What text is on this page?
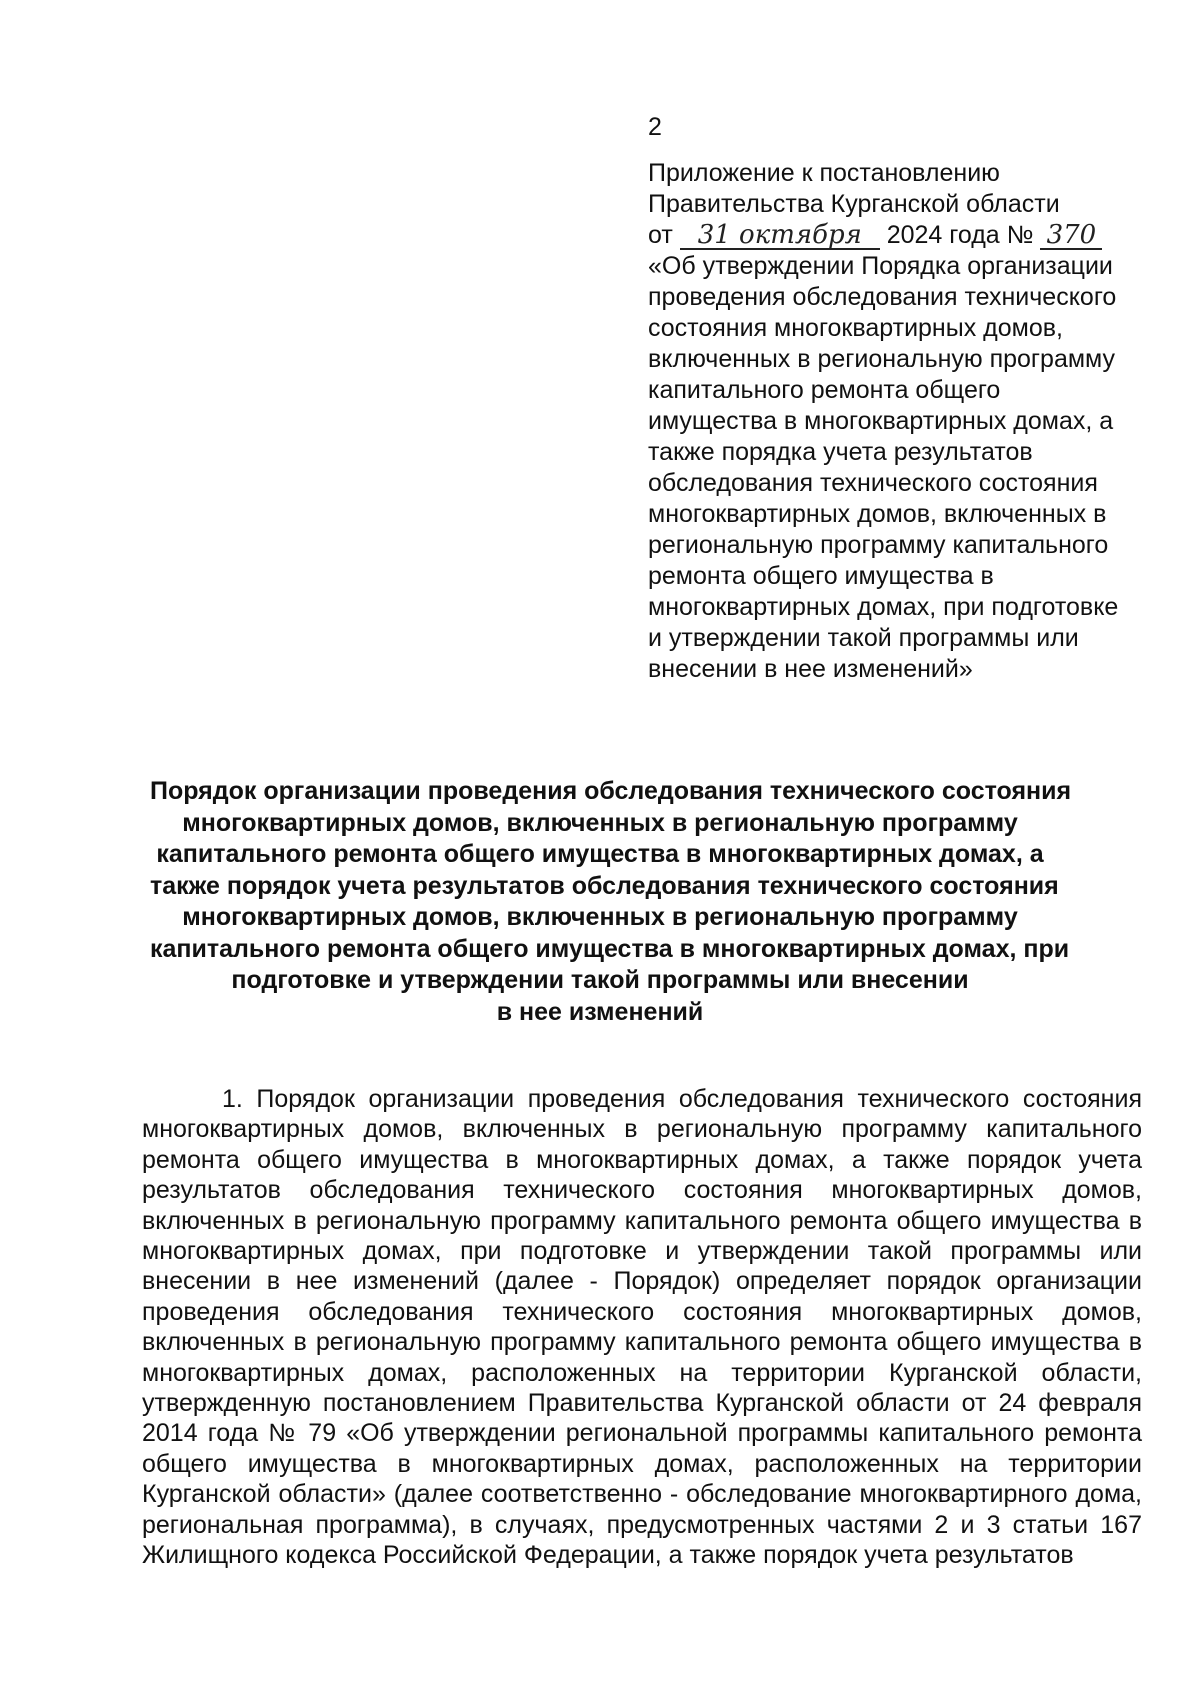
2
Приложение к постановлению
Правительства Курганской области
от 31 октября 2024 года № 370
«Об утверждении Порядка организации
проведения обследования технического
состояния многоквартирных домов,
включенных в региональную программу
капитального ремонта общего
имущества в многоквартирных домах, а
также порядка учета результатов
обследования технического состояния
многоквартирных домов, включенных в
региональную программу капитального
ремонта общего имущества в
многоквартирных домах, при подготовке
и утверждении такой программы или
внесении в нее изменений»
Порядок организации проведения обследования технического состояния
многоквартирных домов, включенных в региональную программу
капитального ремонта общего имущества в многоквартирных домах, а
также порядок учета результатов обследования технического состояния
многоквартирных домов, включенных в региональную программу
капитального ремонта общего имущества в многоквартирных домах, при
подготовке и утверждении такой программы или внесении
в нее изменений

1. Порядок организации проведения обследования технического состояния многоквартирных домов, включенных в региональную программу капитального ремонта общего имущества в многоквартирных домах, а также порядок учета результатов обследования технического состояния многоквартирных домов, включенных в региональную программу капитального ремонта общего имущества в многоквартирных домах, при подготовке и утверждении такой программы или внесении в нее изменений (далее - Порядок) определяет порядок организации проведения обследования технического состояния многоквартирных домов, включенных в региональную программу капитального ремонта общего имущества в многоквартирных домах, расположенных на территории Курганской области, утвержденную постановлением Правительства Курганской области от 24 февраля 2014 года № 79 «Об утверждении региональной программы капитального ремонта общего имущества в многоквартирных домах, расположенных на территории Курганской области» (далее соответственно - обследование многоквартирного дома, региональная программа), в случаях, предусмотренных частями 2 и 3 статьи 167 Жилищного кодекса Российской Федерации, а также порядок учета результатов
